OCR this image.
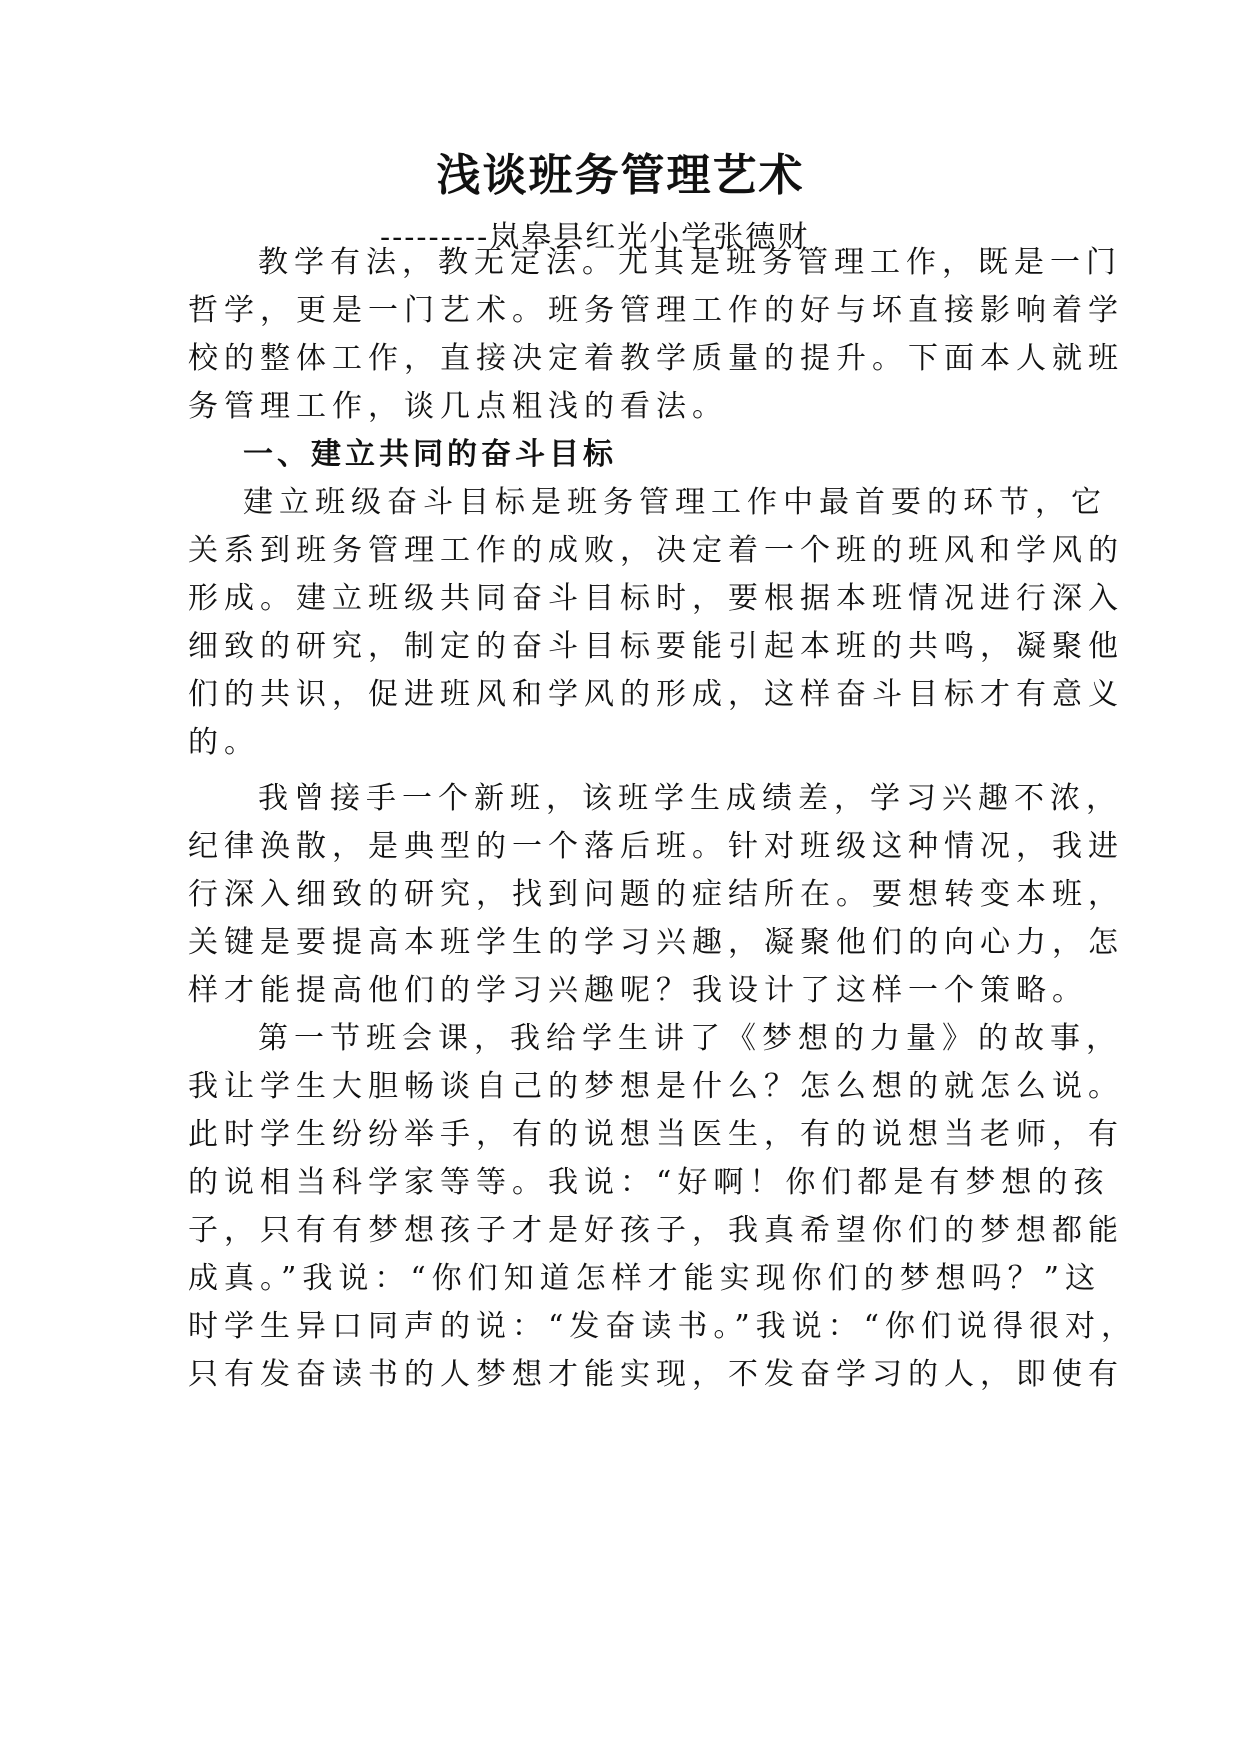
浅谈班务管理艺术
---------岚皋县红光小学张德财

教学有法，教无定法。尤其是班务管理工作，既是一门

哲学，更是一门艺术。班务管理工作的好与坏直接影响着学

校的整体工作，直接决定着教学质量的提升。下面本人就班

务管理工作，谈几点粗浅的看法。

一、建立共同的奋斗目标

建立班级奋斗目标是班务管理工作中最首要的环节，它

关系到班务管理工作的成败，决定着一个班的班风和学风的

形成。建立班级共同奋斗目标时，要根据本班情况进行深入

细致的研究，制定的奋斗目标要能引起本班的共鸣，凝聚他

们的共识，促进班风和学风的形成，这样奋斗目标才有意义

的。

我曾接手一个新班，该班学生成绩差，学习兴趣不浓，

纪律涣散，是典型的一个落后班。针对班级这种情况，我进

行深入细致的研究，找到问题的症结所在。要想转变本班，

关键是要提高本班学生的学习兴趣，凝聚他们的向心力，怎

样才能提高他们的学习兴趣呢？我设计了这样一个策略。

第一节班会课，我给学生讲了《梦想的力量》的故事，

我让学生大胆畅谈自己的梦想是什么？怎么想的就怎么说。

此时学生纷纷举手，有的说想当医生，有的说想当老师，有

的说相当科学家等等。我说：“好啊！你们都是有梦想的孩

子，只有有梦想孩子才是好孩子，我真希望你们的梦想都能

成真。”我说：“你们知道怎样才能实现你们的梦想吗？”这

时学生异口同声的说：“发奋读书。”我说：“你们说得很对，

只有发奋读书的人梦想才能实现，不发奋学习的人，即使有
